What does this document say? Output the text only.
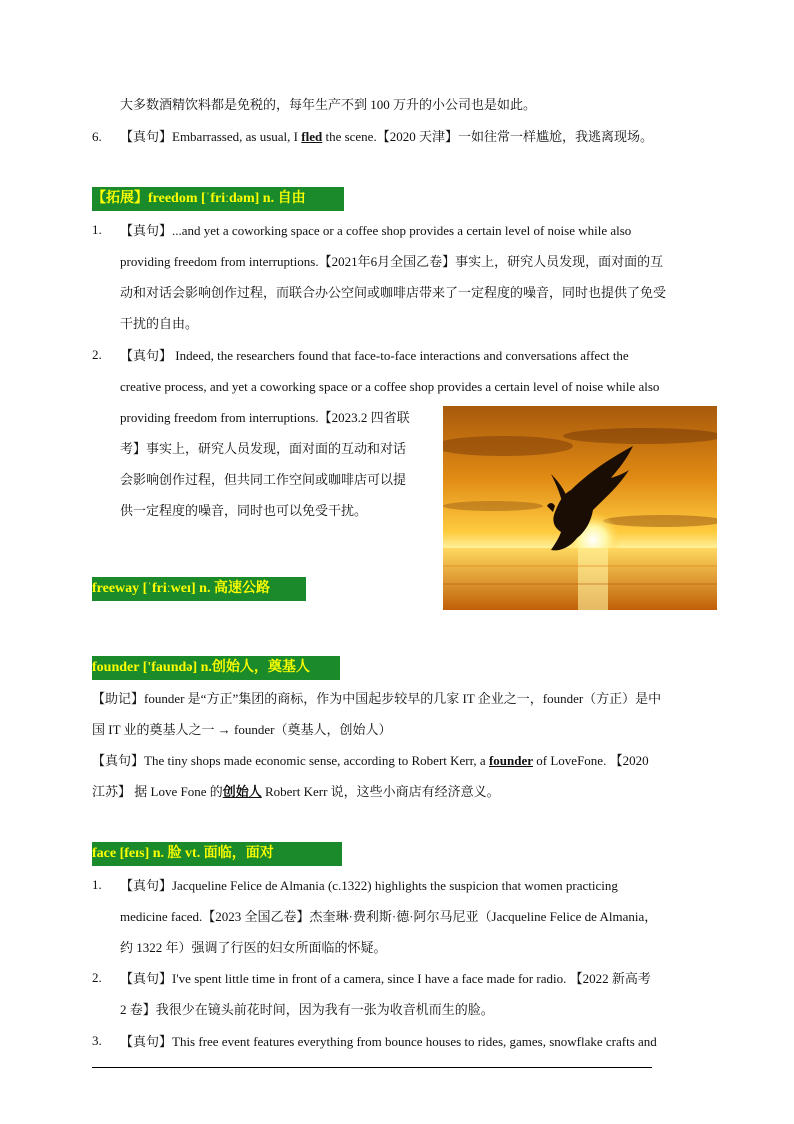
大多数酒精饮料都是免税的，每年生产不到 100 万升的小公司也是如此。
6. 【真句】Embarrassed, as usual, I fled the scene.【2020 天津】一如往常一样尴尬，我逃离现场。
【拓展】freedom [ˈfriːdəm] n. 自由
1. 【真句】...and yet a coworking space or a coffee shop provides a certain level of noise while also
providing freedom from interruptions.【2021年6月全国乙卷】事实上，研究人员发现，面对面的互
动和对话会影响创作过程，而联合办公空间或咖啡店带来了一定程度的噪音，同时也提供了免受
干扰的自由。
2. 【真句】 Indeed, the researchers found that face-to-face interactions and conversations affect the
creative process, and yet a coworking space or a coffee shop provides a certain level of noise while also
providing freedom from interruptions.【2023.2 四省联
考】事实上，研究人员发现，面对面的互动和对话
会影响创作过程，但共同工作空间或咖啡店可以提
供一定程度的噪音，同时也可以免受干扰。
freeway [ˈfriːweɪ] n. 高速公路
founder ['faundə] n.创始人，奠基人
【助记】founder 是“方正”集团的商标，作为中国起步较早的几家 IT 企业之一，founder（方正）是中
国 IT 业的奠基人之一 → founder（奠基人，创始人）
【真句】The tiny shops made economic sense, according to Robert Kerr, a founder of LoveFone. 【2020
江苏】 据 Love Fone 的创始人 Robert Kerr 说，这些小商店有经济意义。
face [feɪs] n. 脸 vt. 面临，面对
1. 【真句】Jacqueline Felice de Almania (c.1322) highlights the suspicion that women practicing
medicine faced.【2023 全国乙卷】杰奎琳·费利斯·德·阿尔马尼亚（Jacqueline Felice de Almania，
约 1322 年）强调了行医的妇女所面临的怀疑。
2. 【真句】I've spent little time in front of a camera, since I have a face made for radio. 【2022 新高考
2 卷】我很少在镜头前花时间，因为我有一张为收音机而生的脸。
3. 【真句】This free event features everything from bounce houses to rides, games, snowflake crafts and
